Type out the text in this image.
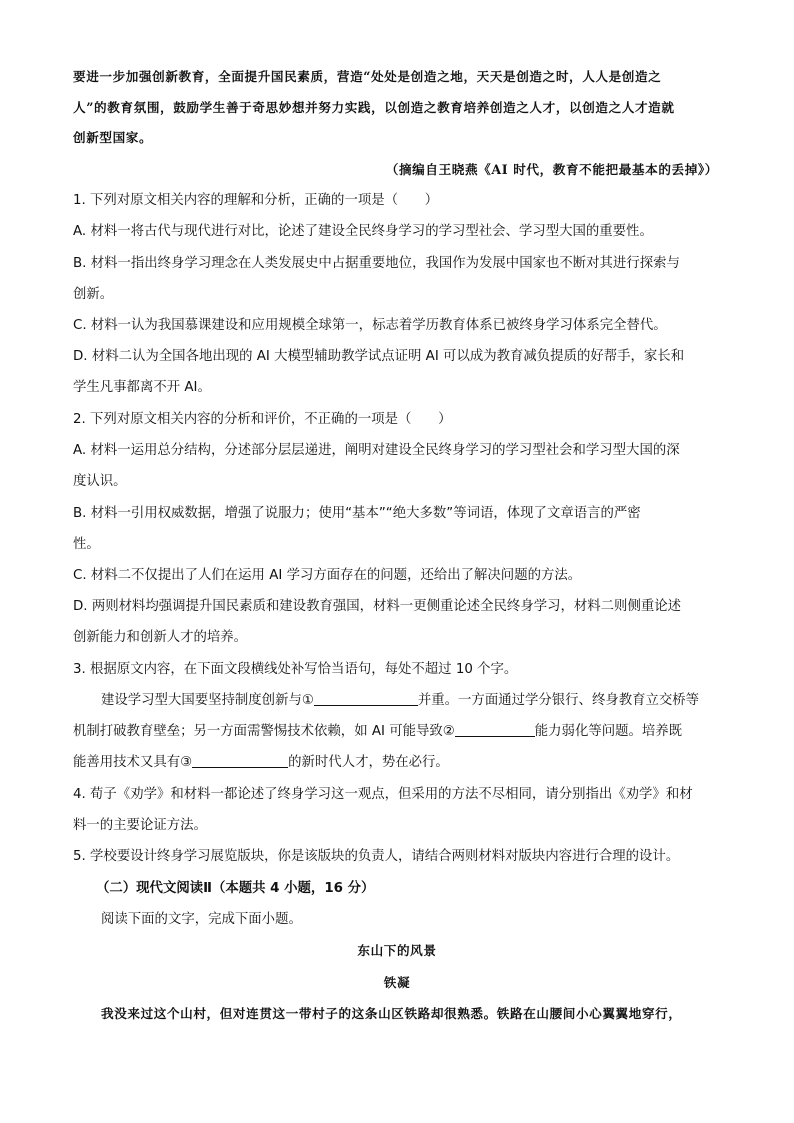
要进一步加强创新教育，全面提升国民素质，营造“处处是创造之地，天天是创造之时，人人是创造之
人”的教育氛围，鼓励学生善于奇思妙想并努力实践，以创造之教育培养创造之人才，以创造之人才造就
创新型国家。
（摘编自王晓燕《AI 时代，教育不能把最基本的丢掉》）
1. 下列对原文相关内容的理解和分析，正确的一项是（　　）
A. 材料一将古代与现代进行对比，论述了建设全民终身学习的学习型社会、学习型大国的重要性。
B. 材料一指出终身学习理念在人类发展史中占据重要地位，我国作为发展中国家也不断对其进行探索与
创新。
C. 材料一认为我国慕课建设和应用规模全球第一，标志着学历教育体系已被终身学习体系完全替代。
D. 材料二认为全国各地出现的 AI 大模型辅助教学试点证明 AI 可以成为教育减负提质的好帮手，家长和
学生凡事都离不开 AI。
2. 下列对原文相关内容的分析和评价，不正确的一项是（　　）
A. 材料一运用总分结构，分述部分层层递进，阐明对建设全民终身学习的学习型社会和学习型大国的深
度认识。
B. 材料一引用权威数据，增强了说服力；使用“基本”“绝大多数”等词语，体现了文章语言的严密
性。
C. 材料二不仅提出了人们在运用 AI 学习方面存在的问题，还给出了解决问题的方法。
D. 两则材料均强调提升国民素质和建设教育强国，材料一更侧重论述全民终身学习，材料二则侧重论述
创新能力和创新人才的培养。
3. 根据原文内容，在下面文段横线处补写恰当语句，每处不超过 10 个字。
建设学习型大国要坚持制度创新与①	并重。一方面通过学分银行、终身教育立交桥等
机制打破教育壁垒；另一方面需警惕技术依赖，如 AI 可能导致②	能力弱化等问题。培养既
能善用技术又具有③	的新时代人才，势在必行。
4. 荀子《劝学》和材料一都论述了终身学习这一观点，但采用的方法不尽相同，请分别指出《劝学》和材
料一的主要论证方法。
5. 学校要设计终身学习展览版块，你是该版块的负责人，请结合两则材料对版块内容进行合理的设计。
（二）现代文阅读Ⅱ（本题共 4 小题，16 分）
阅读下面的文字，完成下面小题。
东山下的风景
铁凝
我没来过这个山村，但对连贯这一带村子的这条山区铁路却很熟悉。铁路在山腰间小心翼翼地穿行，
